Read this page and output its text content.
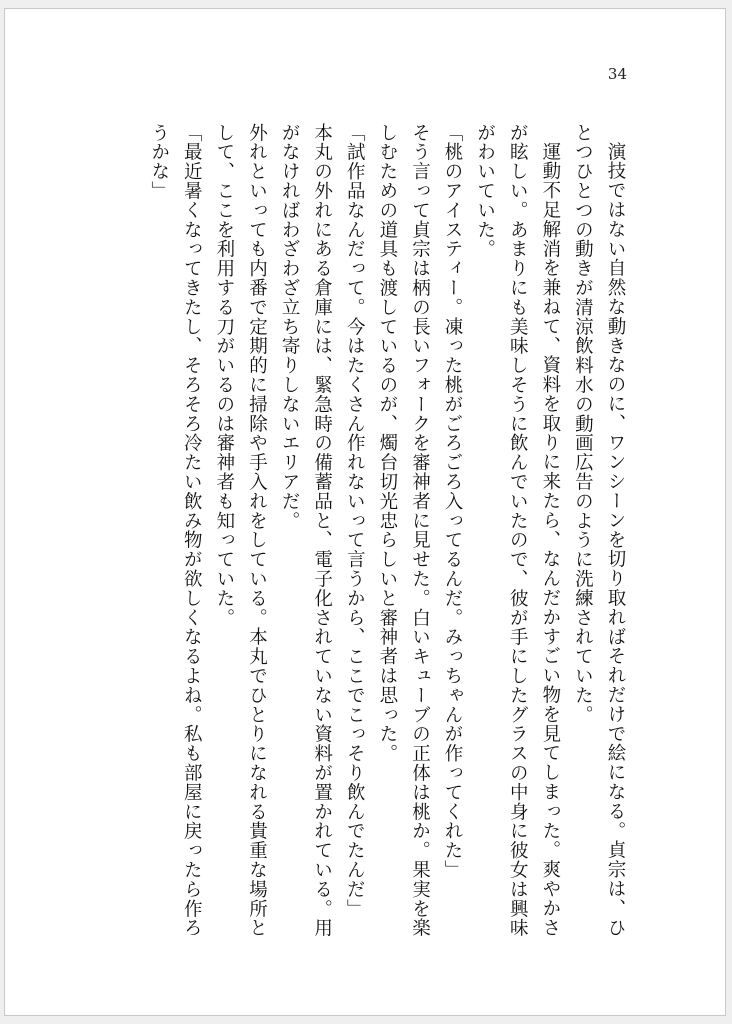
34

演技ではない自然な動きなのに、ワンシーンを切り取ればそれだけで絵になる。貞宗は、ひとつひとつの動きが清涼飲料水の動画広告のように洗練されていた。

運動不足解消を兼ねて、資料を取りに来たら、なんだかすごい物を見てしまった。爽やかさが眩しい。あまりにも美味しそうに飲んでいたので、彼が手にしたグラスの中身に彼女は興味がわいていた。

「桃のアイスティー。凍った桃がごろごろ入ってるんだ。みっちゃんが作ってくれた」

そう言って貞宗は柄の長いフォークを審神者に見せた。白いキューブの正体は桃か。果実を楽しむための道具も渡しているのが、燭台切光忠らしいと審神者は思った。

「試作品なんだって。今はたくさん作れないって言うから、ここでこっそり飲んでたんだ」

本丸の外れにある倉庫には、緊急時の備蓄品と、電子化されていない資料が置かれている。用がなければわざわざ立ち寄りしないエリアだ。

外れといっても内番で定期的に掃除や手入れをしている。本丸でひとりになれる貴重な場所として、ここを利用する刀がいるのは審神者も知っていた。

「最近暑くなってきたし、そろそろ冷たい飲み物が欲しくなるよね。私も部屋に戻ったら作ろうかな」
